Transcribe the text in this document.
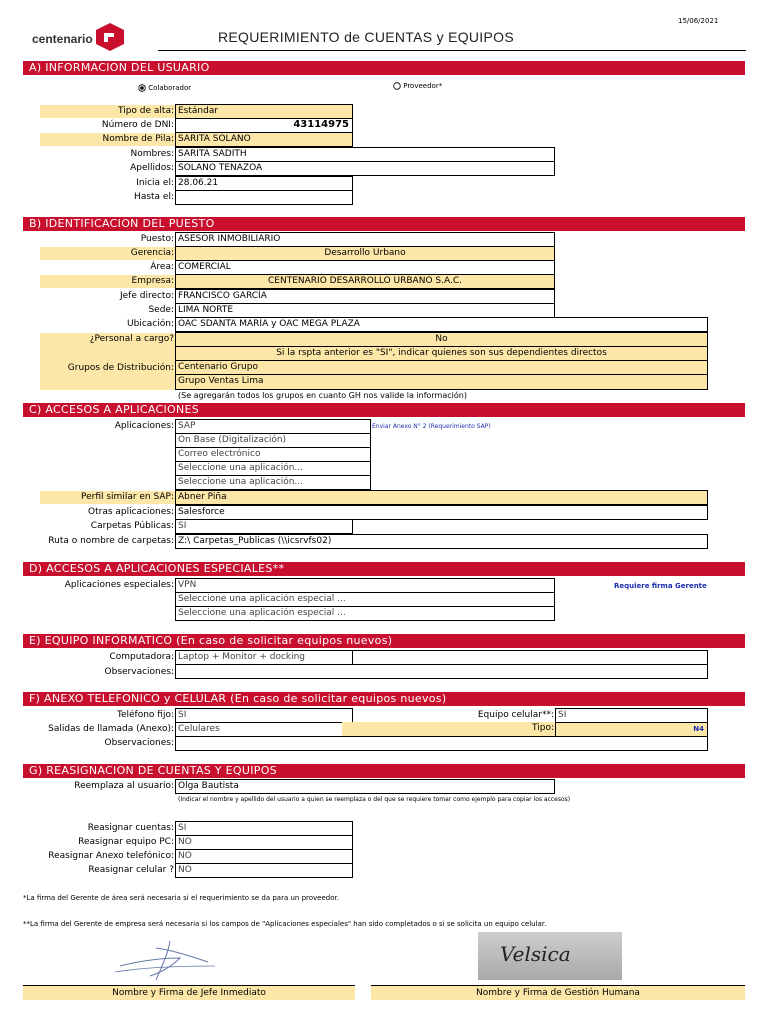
centenario	REQUERIMIENTO de CUENTAS y EQUIPOS
15/06/2021
A) INFORMACION DEL USUARIO
Colaborador	Proveedor*
Tipo de alta: Estándar
Número de DNI:	43114975
Nombre de Pila: SARITA SOLANO
Nombres: SARITA SADITH
Apellidos: SOLANO TENAZOA
Inicia el: 28.06.21
Hasta el:
B) IDENTIFICACION DEL PUESTO
Puesto: ASESOR INMOBILIARIO
Gerencia:	Desarrollo Urbano
Área: COMERCIAL
Empresa:	CENTENARIO DESARROLLO URBANO S.A.C.
Jefe directo: FRANCISCO GARCÍA
Sede: LIMA NORTE
Ubicación: OAC SDANTA MARÍA y OAC MEGA PLAZA
¿Personal a cargo?	No
Si la rspta anterior es "SI", indicar quienes son sus dependientes directos
Grupos de Distribución: Centenario Grupo
Grupo Ventas Lima
(Se agregarán todos los grupos en cuanto GH nos valide la información)
C) ACCESOS A APLICACIONES
Aplicaciones: SAP	Enviar Anexo N° 2 (Requerimiento SAP)
On Base (Digitalización)
Correo electrónico
Seleccione una aplicación...
Seleccione una aplicación...
Perfil similar en SAP: Abner Piña
Otras aplicaciones: Salesforce
Carpetas Públicas: SI
Ruta o nombre de carpetas: Z:\ Carpetas_Publicas (\\icsrvfs02)
D) ACCESOS A APLICACIONES ESPECIALES**
Aplicaciones especiales: VPN	Requiere firma Gerente
Seleccione una aplicación especial ...
Seleccione una aplicación especial ...
E) EQUIPO INFORMATICO (En caso de solicitar equipos nuevos)
Computadora: Laptop + Monitor + docking
Observaciones:
F) ANEXO TELEFONICO y CELULAR (En caso de solicitar equipos nuevos)
Teléfono fijo: SI	Equipo celular**: SI
Salidas de llamada (Anexo): Celulares	Tipo:	N4
Observaciones:
G) REASIGNACION DE CUENTAS Y EQUIPOS
Reemplaza al usuario: Olga Bautista
(Indicar el nombre y apellido del usuario a quien se reemplaza o del que se requiere tomar como ejemplo para copiar los accesos)
Reasignar cuentas: SI
Reasignar equipo PC: NO
Reasignar Anexo telefónico: NO
Reasignar celular ? NO
*La firma del Gerente de área será necesaria si el requerimiento se da para un proveedor.
**La firma del Gerente de empresa será necesaria si los campos de "Aplicaciones especiales" han sido completados o si se solicita un equipo celular.
Velsica
Nombre y Firma de Jefe Inmediato	Nombre y Firma de Gestión Humana
